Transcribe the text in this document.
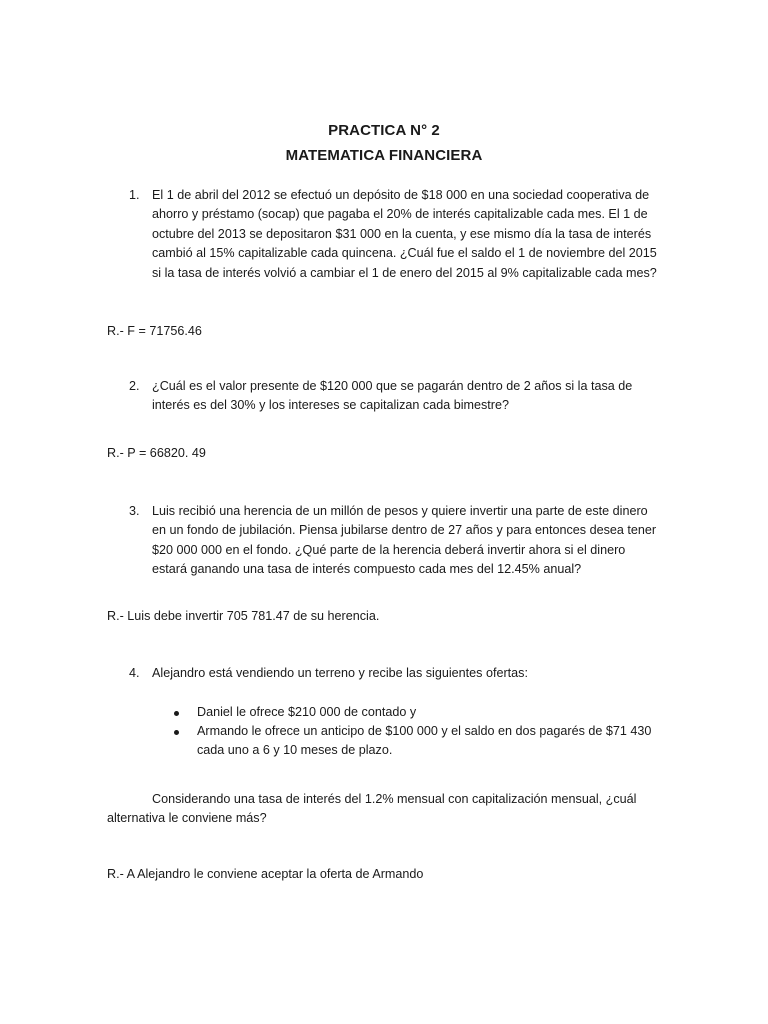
PRACTICA N° 2
MATEMATICA FINANCIERA
1. El 1 de abril del 2012 se efectuó un depósito de $18 000 en una sociedad cooperativa de ahorro y préstamo (socap) que pagaba el 20% de interés capitalizable cada mes. El 1 de octubre del 2013 se depositaron $31 000 en la cuenta, y ese mismo día la tasa de interés cambió al 15% capitalizable cada quincena. ¿Cuál fue el saldo el 1 de noviembre del 2015 si la tasa de interés volvió a cambiar el 1 de enero del 2015 al 9% capitalizable cada mes?
R.- F = 71756.46
2. ¿Cuál es el valor presente de $120 000 que se pagarán dentro de 2 años si la tasa de interés es del 30% y los intereses se capitalizan cada bimestre?
R.- P = 66820. 49
3. Luis recibió una herencia de un millón de pesos y quiere invertir una parte de este dinero en un fondo de jubilación. Piensa jubilarse dentro de 27 años y para entonces desea tener $20 000 000 en el fondo. ¿Qué parte de la herencia deberá invertir ahora si el dinero estará ganando una tasa de interés compuesto cada mes del 12.45% anual?
R.- Luis debe invertir 705 781.47 de su herencia.
4. Alejandro está vendiendo un terreno y recibe las siguientes ofertas:
Daniel le ofrece $210 000 de contado y
Armando le ofrece un anticipo de $100 000 y el saldo en dos pagarés de $71 430 cada uno a 6 y 10 meses de plazo.
Considerando una tasa de interés del 1.2% mensual con capitalización mensual, ¿cuál alternativa le conviene más?
R.- A Alejandro le conviene aceptar la oferta de Armando
